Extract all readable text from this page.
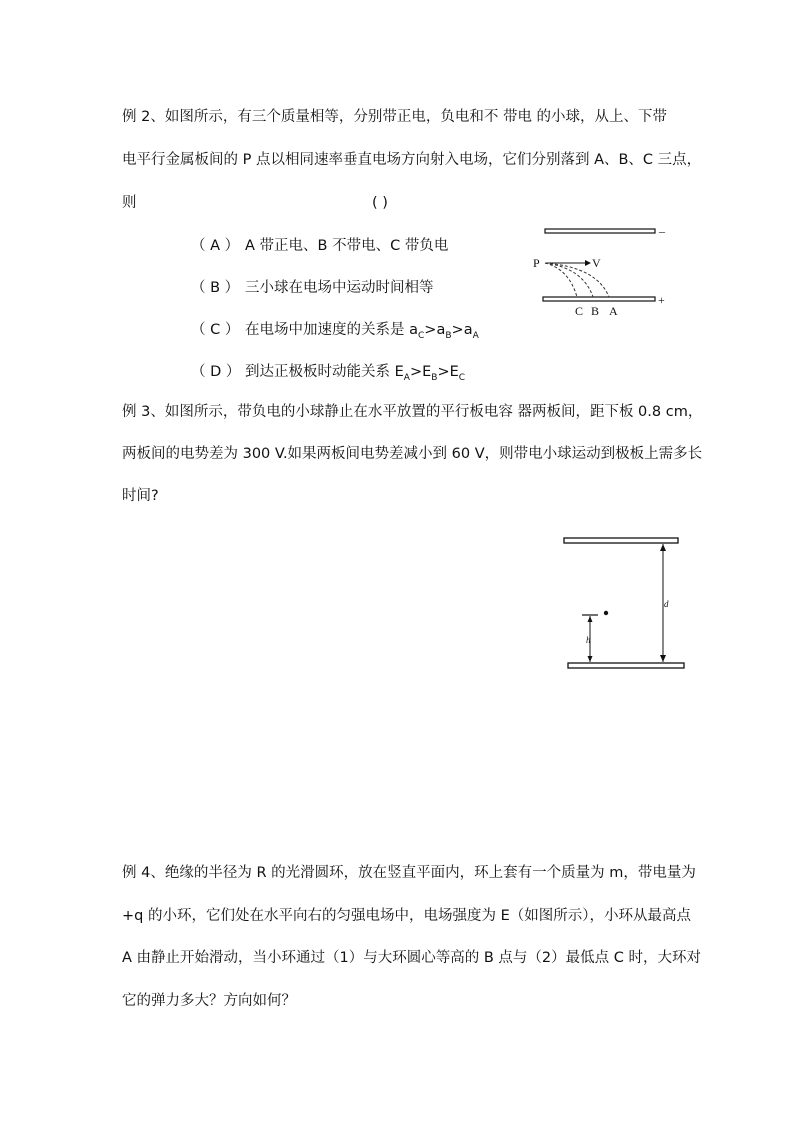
例 2、如图所示，有三个质量相等，分别带正电，负电和不 带电 的小球，从上、下带
电平行金属板间的 P 点以相同速率垂直电场方向射入电场，它们分别落到 A、B、C 三点，
则	( )
（ A ） A 带正电、B 不带电、C 带负电
（ B ） 三小球在电场中运动时间相等
（ C ） 在电场中加速度的关系是 $a_C>a_B>a_A$
（ D ） 到达正极板时动能关系 $E_A>E_B>E_C$
–
+
P	V
C B A
例 3、如图所示，带负电的小球静止在水平放置的平行板电容 器两板间，距下板 0.8 cm，
两板间的电势差为 300 V.如果两板间电势差减小到 60 V，则带电小球运动到极板上需多长
时间?
d
h
例 4、绝缘的半径为 R 的光滑圆环，放在竖直平面内，环上套有一个质量为 m，带电量为
+q 的小环，它们处在水平向右的匀强电场中，电场强度为 E（如图所示），小环从最高点
A 由静止开始滑动，当小环通过（1）与大环圆心等高的 B 点与（2）最低点 C 时，大环对
它的弹力多大？方向如何？
